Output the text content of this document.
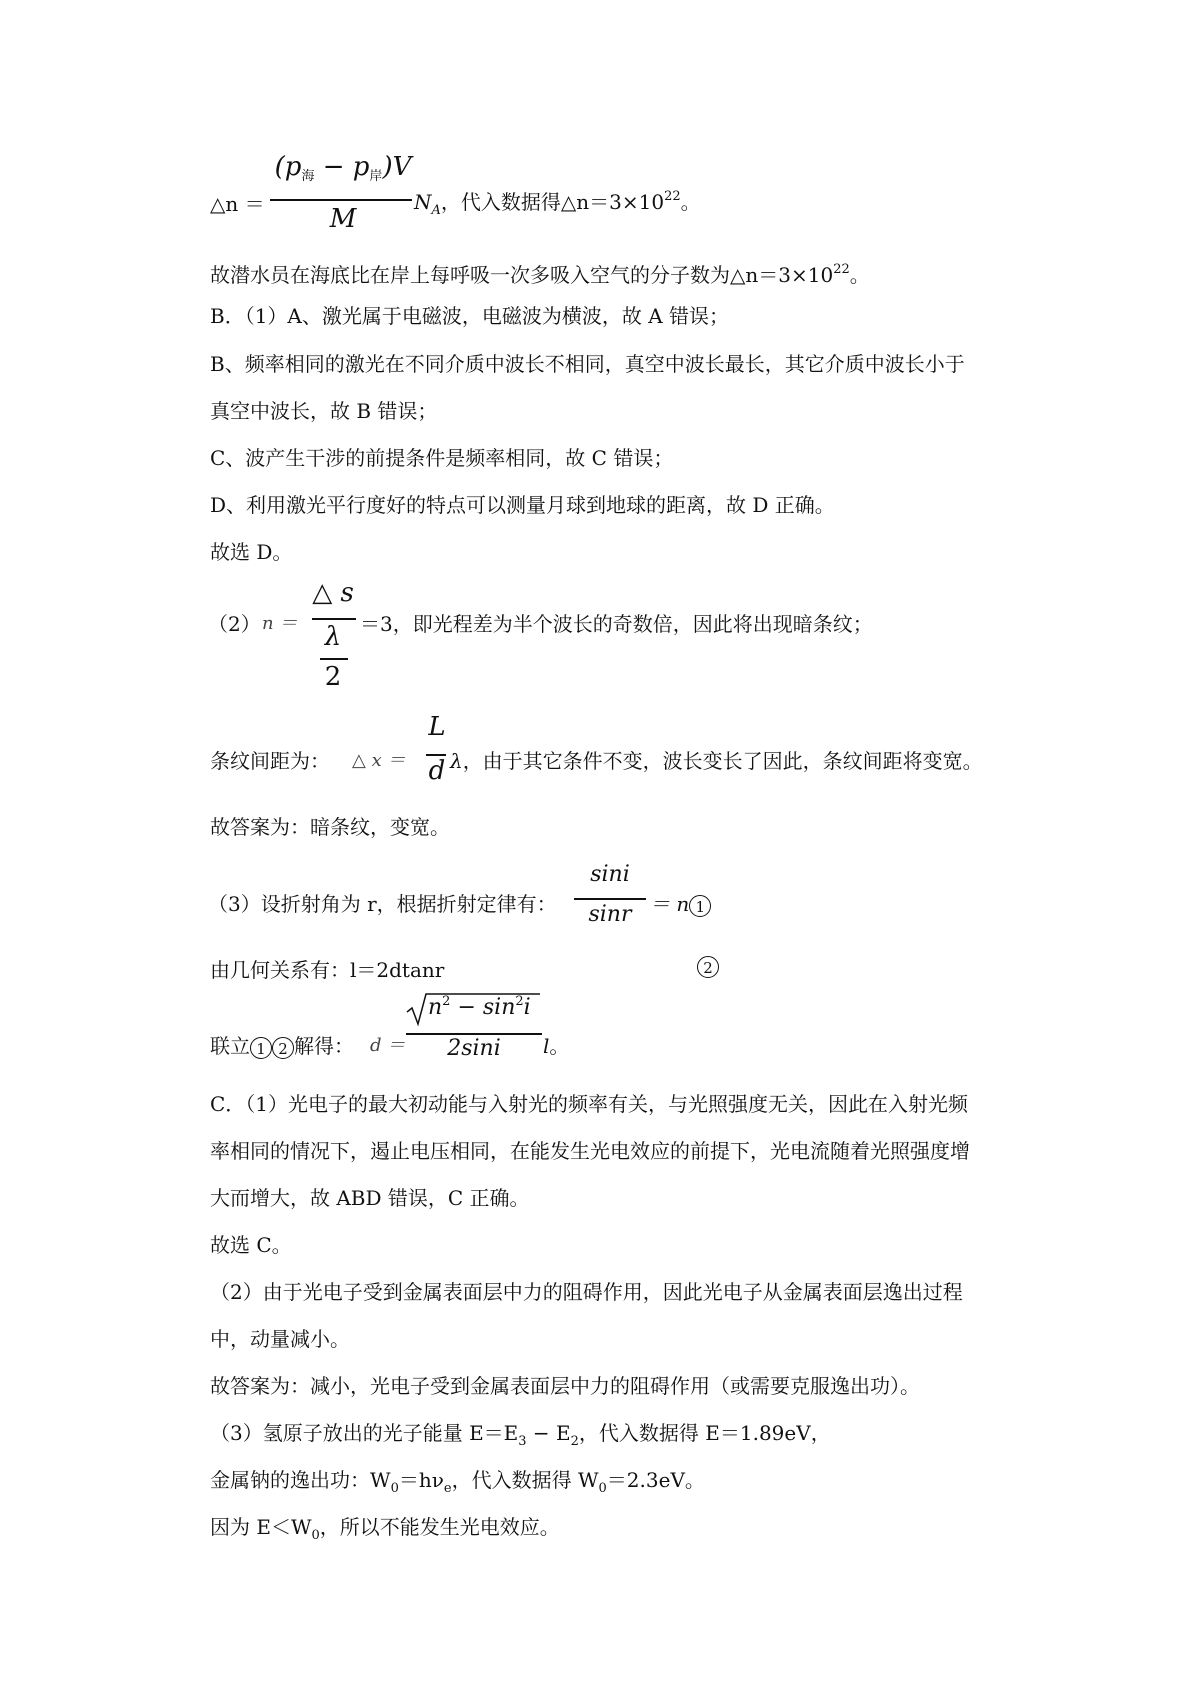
△n ＝
$(p_海 - p_岸)V$
M
$N_A$，代入数据得$\triangle n=3\times 10^{22}$。
故潜水员在海底比在岸上每呼吸一次多吸入空气的分子数为$\triangle n=3\times 10^{22}$。
B．（1）A、激光属于电磁波，电磁波为横波，故 A 错误；
B、频率相同的激光在不同介质中波长不相同，真空中波长最长，其它介质中波长小于
真空中波长，故 B 错误；
C、波产生干涉的前提条件是频率相同，故 C 错误；
D、利用激光平行度好的特点可以测量月球到地球的距离，故 D 正确。
故选 D。
（2） n ＝
△ s
λ
2
＝3，即光程差为半个波长的奇数倍，因此将出现暗条纹；
条纹间距为： △ x ＝
L
d λ，由于其它条件不变，波长变长了因此，条纹间距将变宽。
故答案为：暗条纹，变宽。
（3）设折射角为 r，根据折射定律有：
sini
sinr ＝ n 1
由几何关系有：l＝2dtanr	2
联立 1 2 解得： d ＝
$n^2 - \sin^2i$
2sini	l。
C．（1）光电子的最大初动能与入射光的频率有关，与光照强度无关，因此在入射光频
率相同的情况下，遏止电压相同，在能发生光电效应的前提下，光电流随着光照强度增
大而增大，故 ABD 错误，C 正确。
故选 C。
（2）由于光电子受到金属表面层中力的阻碍作用，因此光电子从金属表面层逸出过程
中，动量减小。
故答案为：减小，光电子受到金属表面层中力的阻碍作用（或需要克服逸出功）。
（3）氢原子放出的光子能量 $E=E_3 - E_2$，代入数据得 E＝1.89eV，
金属钠的逸出功：$W_0=h\nu_e$，代入数据得 $W_0=2.3eV$。
因为 $E<W_0$，所以不能发生光电效应。
